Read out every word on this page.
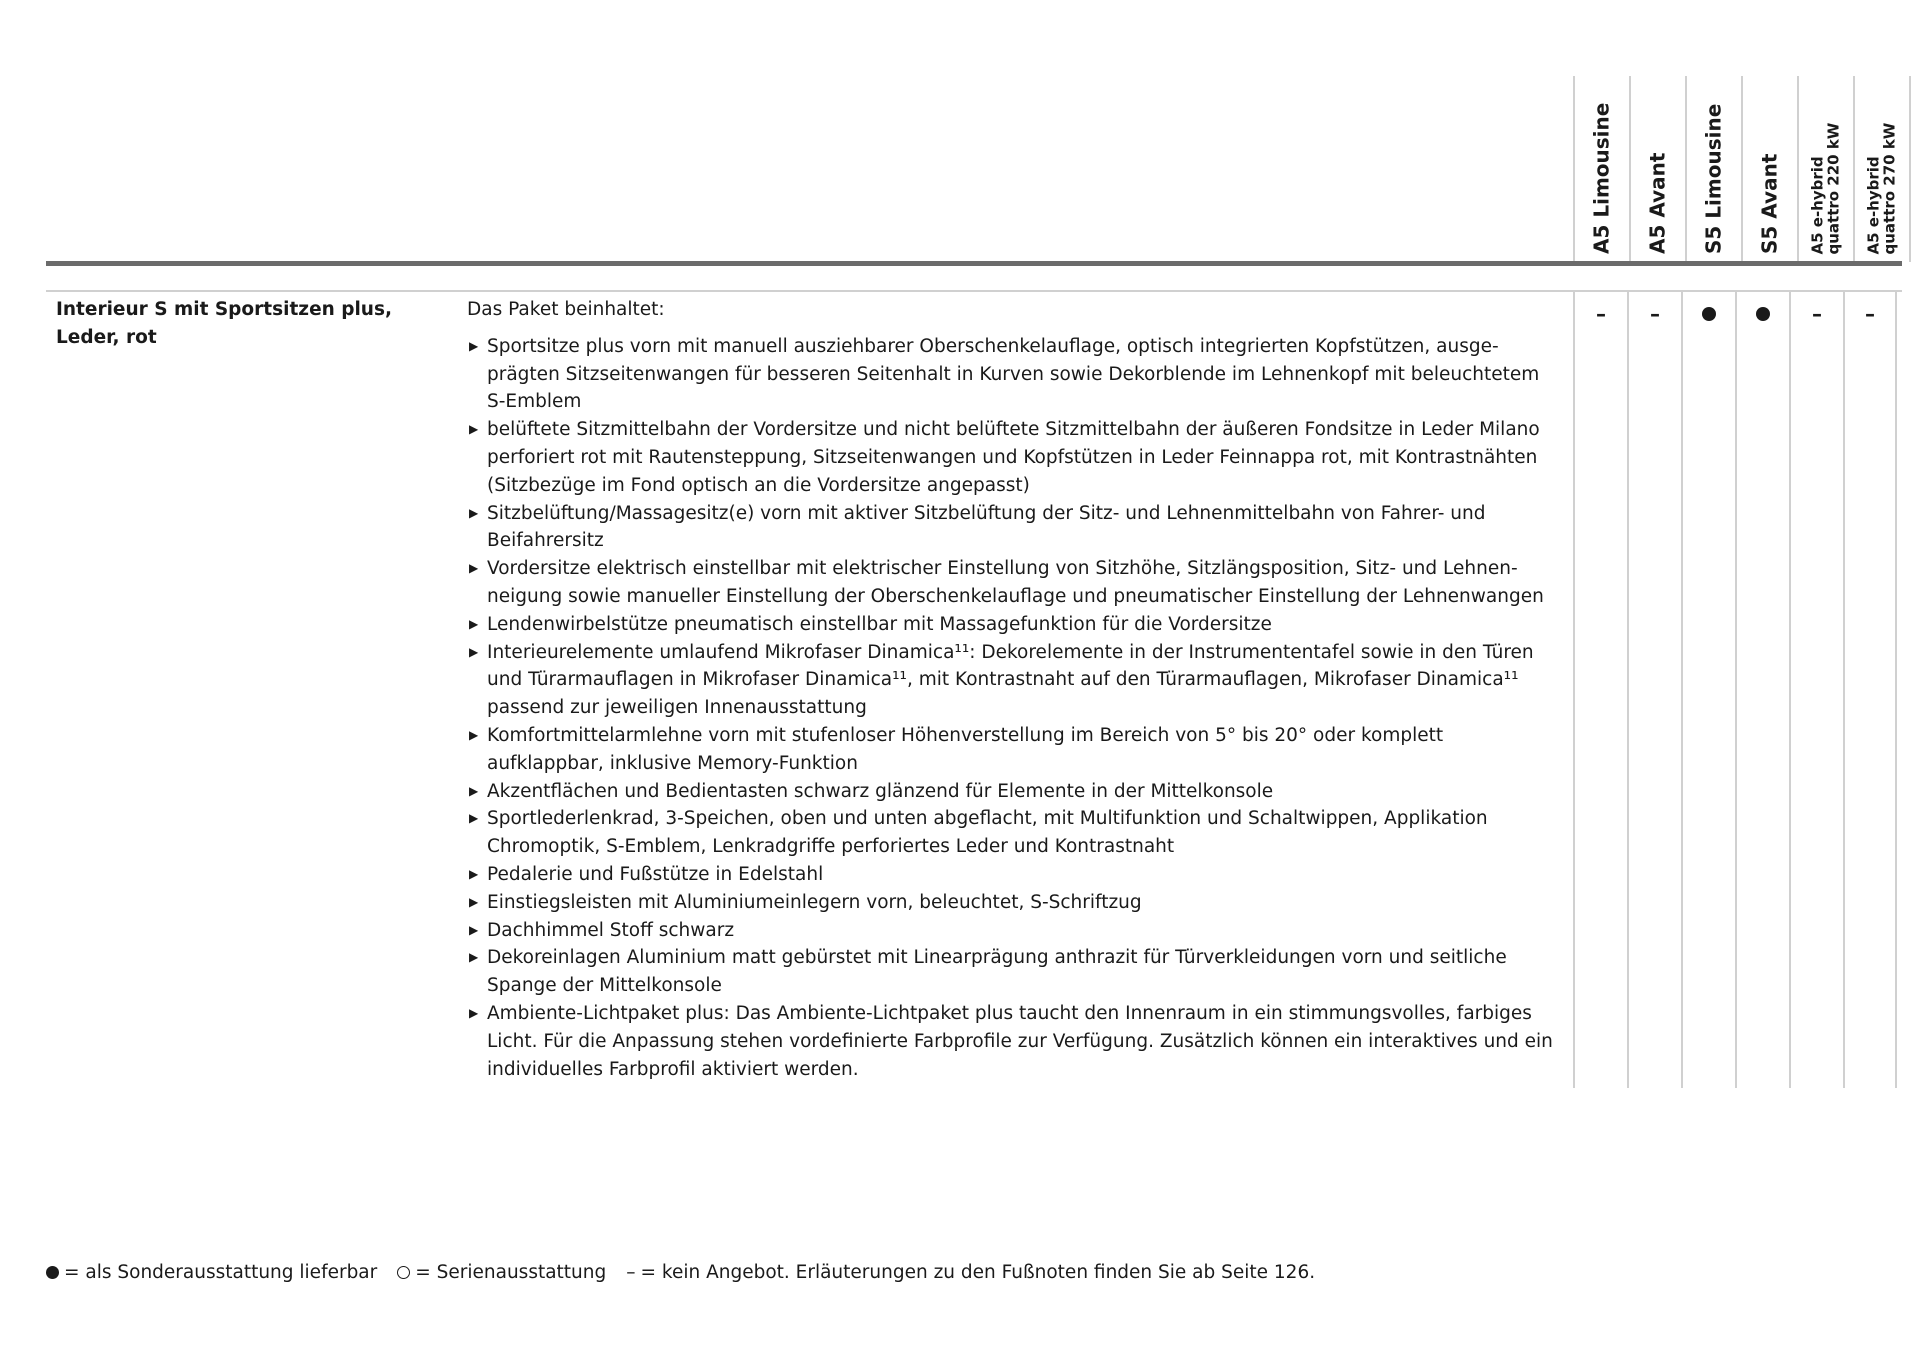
A5 Limousine A5 Avant S5 Limousine S5 Avant A5 e-hybrid
quattro 220 kW
A5 e-hybrid
quattro 270 kW
Interieur S mit Sportsitzen plus, Leder, rot
Das Paket beinhaltet:
▶ Sportsitze plus vorn mit manuell ausziehbarer Oberschenkelauflage, optisch integrierten Kopfstützen, ausge-
prägten Sitzseitenwangen für besseren Seitenhalt in Kurven sowie Dekorblende im Lehnenkopf mit beleuchtetem
S-Emblem
▶ belüftete Sitzmittelbahn der Vordersitze und nicht belüftete Sitzmittelbahn der äußeren Fondsitze in Leder Milano
perforiert rot mit Rautensteppung, Sitzseitenwangen und Kopfstützen in Leder Feinnappa rot, mit Kontrastnähten
(Sitzbezüge im Fond optisch an die Vordersitze angepasst)
▶ Sitzbelüftung/Massagesitz(e) vorn mit aktiver Sitzbelüftung der Sitz- und Lehnenmittelbahn von Fahrer- und
Beifahrersitz
▶ Vordersitze elektrisch einstellbar mit elektrischer Einstellung von Sitzhöhe, Sitzlängsposition, Sitz- und Lehnen-
neigung sowie manueller Einstellung der Oberschenkelauflage und pneumatischer Einstellung der Lehnenwangen
▶ Lendenwirbelstütze pneumatisch einstellbar mit Massagefunktion für die Vordersitze
▶ Interieurelemente umlaufend Mikrofaser Dinamica¹¹: Dekorelemente in der Instrumententafel sowie in den Türen
und Türarmauflagen in Mikrofaser Dinamica¹¹, mit Kontrastnaht auf den Türarmauflagen, Mikrofaser Dinamica¹¹
passend zur jeweiligen Innenausstattung
▶ Komfortmittelarmlehne vorn mit stufenloser Höhenverstellung im Bereich von 5° bis 20° oder komplett
aufklappbar, inklusive Memory-Funktion
▶ Akzentflächen und Bedientasten schwarz glänzend für Elemente in der Mittelkonsole
▶ Sportlederlenkrad, 3-Speichen, oben und unten abgeflacht, mit Multifunktion und Schaltwippen, Applikation
Chromoptik, S-Emblem, Lenkradgriffe perforiertes Leder und Kontrastnaht
▶ Pedalerie und Fußstütze in Edelstahl
▶ Einstiegsleisten mit Aluminiumeinlegern vorn, beleuchtet, S-Schriftzug
▶ Dachhimmel Stoff schwarz
▶ Dekoreinlagen Aluminium matt gebürstet mit Linearprägung anthrazit für Türverkleidungen vorn und seitliche
Spange der Mittelkonsole
▶ Ambiente-Lichtpaket plus: Das Ambiente-Lichtpaket plus taucht den Innenraum in ein stimmungsvolles, farbiges
Licht. Für die Anpassung stehen vordefinierte Farbprofile zur Verfügung. Zusätzlich können ein interaktives und ein
individuelles Farbprofil aktiviert werden.
– –	– –
= als Sonderausstattung lieferbar = Serienausstattung – = kein Angebot. Erläuterungen zu den Fußnoten finden Sie ab Seite 126.
